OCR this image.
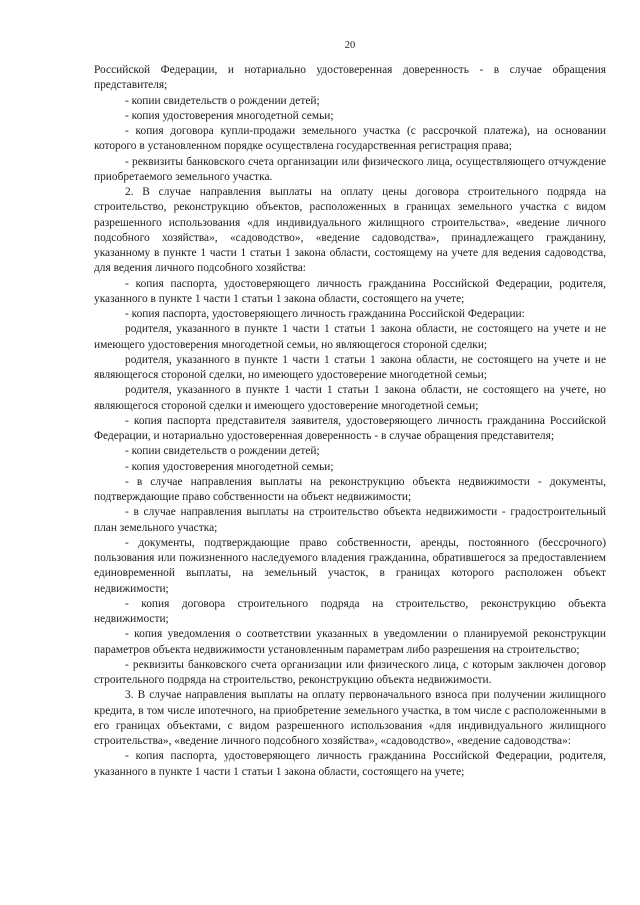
20

Российской Федерации, и нотариально удостоверенная доверенность - в случае обращения представителя;

- копии свидетельств о рождении детей;

- копия удостоверения многодетной семьи;

- копия договора купли-продажи земельного участка (с рассрочкой платежа), на основании которого в установленном порядке осуществлена государственная регистрация права;

- реквизиты банковского счета организации или физического лица, осуществляющего отчуждение приобретаемого земельного участка.

2. В случае направления выплаты на оплату цены договора строительного подряда на строительство, реконструкцию объектов, расположенных в границах земельного участка с видом разрешенного использования «для индивидуального жилищного строительства», «ведение личного подсобного хозяйства», «садоводство», «ведение садоводства», принадлежащего гражданину, указанному в пункте 1 части 1 статьи 1 закона области, состоящему на учете для ведения садоводства, для ведения личного подсобного хозяйства:

- копия паспорта, удостоверяющего личность гражданина Российской Федерации, родителя, указанного в пункте 1 части 1 статьи 1 закона области, состоящего на учете;

- копия паспорта, удостоверяющего личность гражданина Российской Федерации:

родителя, указанного в пункте 1 части 1 статьи 1 закона области, не состоящего на учете и не имеющего удостоверения многодетной семьи, но являющегося стороной сделки;

родителя, указанного в пункте 1 части 1 статьи 1 закона области, не состоящего на учете и не являющегося стороной сделки, но имеющего удостоверение многодетной семьи;

родителя, указанного в пункте 1 части 1 статьи 1 закона области, не состоящего на учете, но являющегося стороной сделки и имеющего удостоверение многодетной семьи;

- копия паспорта представителя заявителя, удостоверяющего личность гражданина Российской Федерации, и нотариально удостоверенная доверенность - в случае обращения представителя;

- копии свидетельств о рождении детей;

- копия удостоверения многодетной семьи;

- в случае направления выплаты на реконструкцию объекта недвижимости - документы, подтверждающие право собственности на объект недвижимости;

- в случае направления выплаты на строительство объекта недвижимости - градостроительный план земельного участка;

- документы, подтверждающие право собственности, аренды, постоянного (бессрочного) пользования или пожизненного наследуемого владения гражданина, обратившегося за предоставлением единовременной выплаты, на земельный участок, в границах которого расположен объект недвижимости;

- копия договора строительного подряда на строительство, реконструкцию объекта недвижимости;

- копия уведомления о соответствии указанных в уведомлении о планируемой реконструкции параметров объекта недвижимости установленным параметрам либо разрешения на строительство;

- реквизиты банковского счета организации или физического лица, с которым заключен договор строительного подряда на строительство, реконструкцию объекта недвижимости.

3. В случае направления выплаты на оплату первоначального взноса при получении жилищного кредита, в том числе ипотечного, на приобретение земельного участка, в том числе с расположенными в его границах объектами, с видом разрешенного использования «для индивидуального жилищного строительства», «ведение личного подсобного хозяйства», «садоводство», «ведение садоводства»:

- копия паспорта, удостоверяющего личность гражданина Российской Федерации, родителя, указанного в пункте 1 части 1 статьи 1 закона области, состоящего на учете;
